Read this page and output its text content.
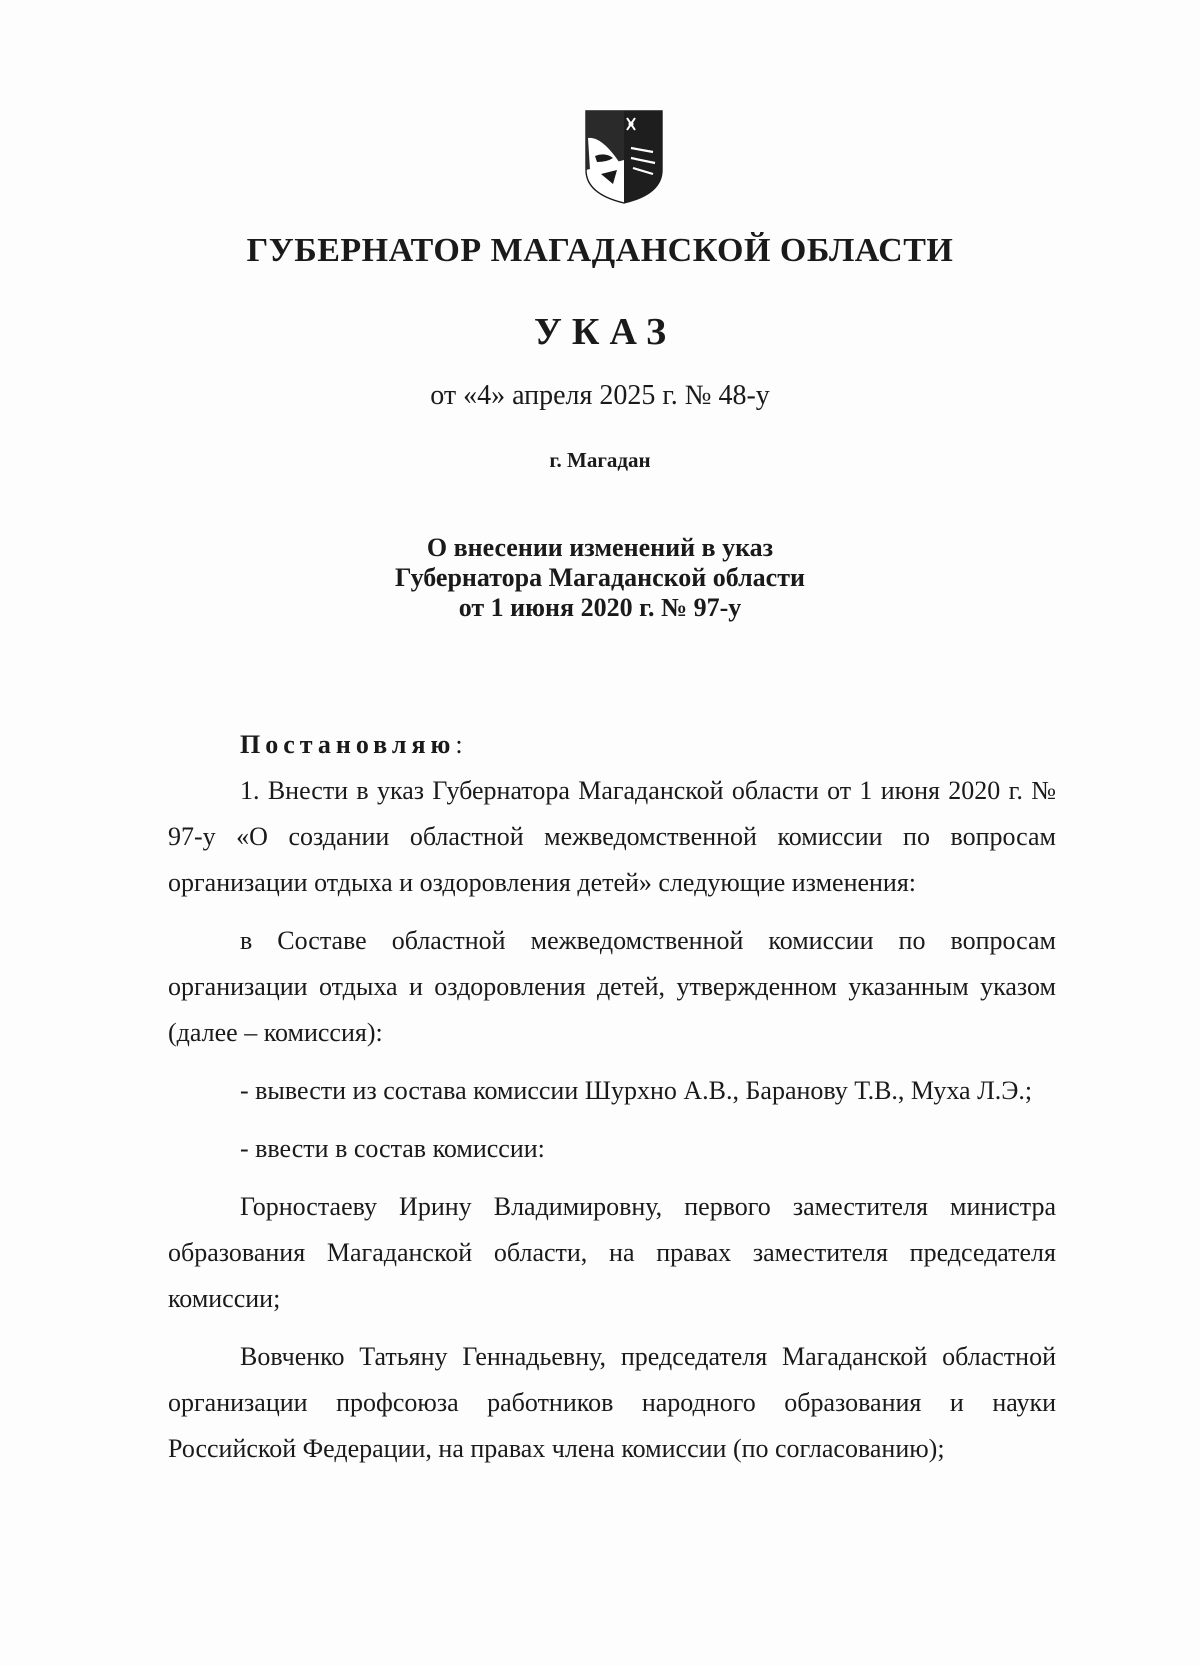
ГУБЕРНАТОР МАГАДАНСКОЙ ОБЛАСТИ
УКАЗ
от «4» апреля 2025 г. № 48-у
г. Магадан
О внесении изменений в указ
Губернатора Магаданской области
от 1 июня 2020 г. № 97-у
Постановляю:

1. Внести в указ Губернатора Магаданской области от 1 июня 2020 г. № 97-у «О создании областной межведомственной комиссии по вопросам организации отдыха и оздоровления детей» следующие изменения:

в Составе областной межведомственной комиссии по вопросам организации отдыха и оздоровления детей, утвержденном указанным указом (далее – комиссия):

- вывести из состава комиссии Шурхно А.В., Баранову Т.В., Муха Л.Э.;

- ввести в состав комиссии:

Горностаеву Ирину Владимировну, первого заместителя министра образования Магаданской области, на правах заместителя председателя комиссии;

Вовченко Татьяну Геннадьевну, председателя Магаданской областной организации профсоюза работников народного образования и науки Российской Федерации, на правах члена комиссии (по согласованию);
